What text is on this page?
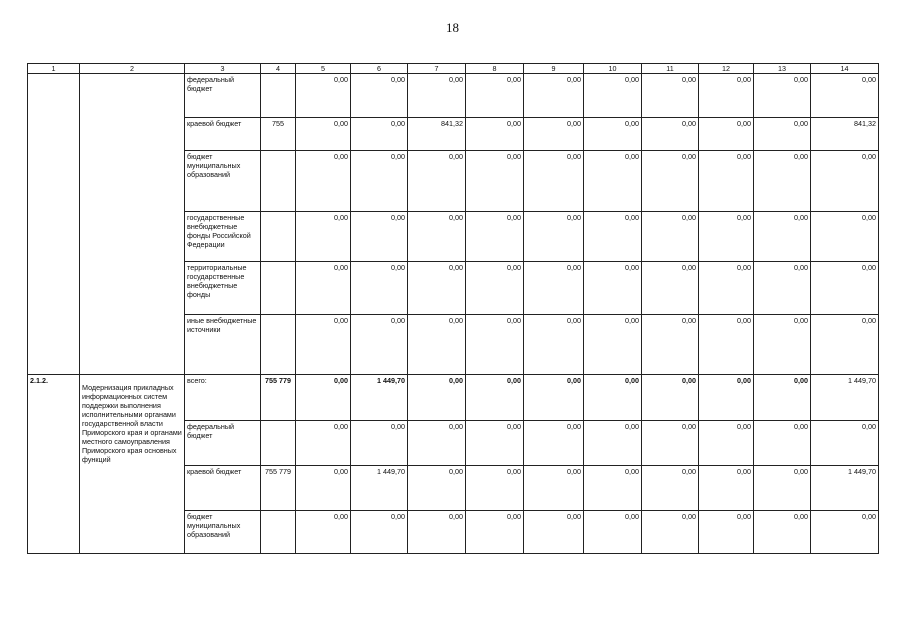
18
1	2	3	4	5	6	7	8	9	10	11	12	13	14
		федеральный бюджет		0,00	0,00	0,00	0,00	0,00	0,00	0,00	0,00	0,00	0,00
		краевой бюджет	755	0,00	0,00	841,32	0,00	0,00	0,00	0,00	0,00	0,00	841,32
		бюджет муниципальных образований		0,00	0,00	0,00	0,00	0,00	0,00	0,00	0,00	0,00	0,00
		государственные внебюджетные фонды Российской Федерации		0,00	0,00	0,00	0,00	0,00	0,00	0,00	0,00	0,00	0,00
		территориальные государственные внебюджетные фонды		0,00	0,00	0,00	0,00	0,00	0,00	0,00	0,00	0,00	0,00
		иные внебюджетные источники		0,00	0,00	0,00	0,00	0,00	0,00	0,00	0,00	0,00	0,00
2.1.2.	Модернизация прикладных информационных систем поддержки выполнения исполнительными органами государственной власти Приморского края и органами местного самоуправления Приморского края основных функций	всего:	755 779	0,00	1 449,70	0,00	0,00	0,00	0,00	0,00	0,00	0,00	1 449,70
		федеральный бюджет		0,00	0,00	0,00	0,00	0,00	0,00	0,00	0,00	0,00	0,00
		краевой бюджет	755 779	0,00	1 449,70	0,00	0,00	0,00	0,00	0,00	0,00	0,00	1 449,70
		бюджет муниципальных образований		0,00	0,00	0,00	0,00	0,00	0,00	0,00	0,00	0,00	0,00
